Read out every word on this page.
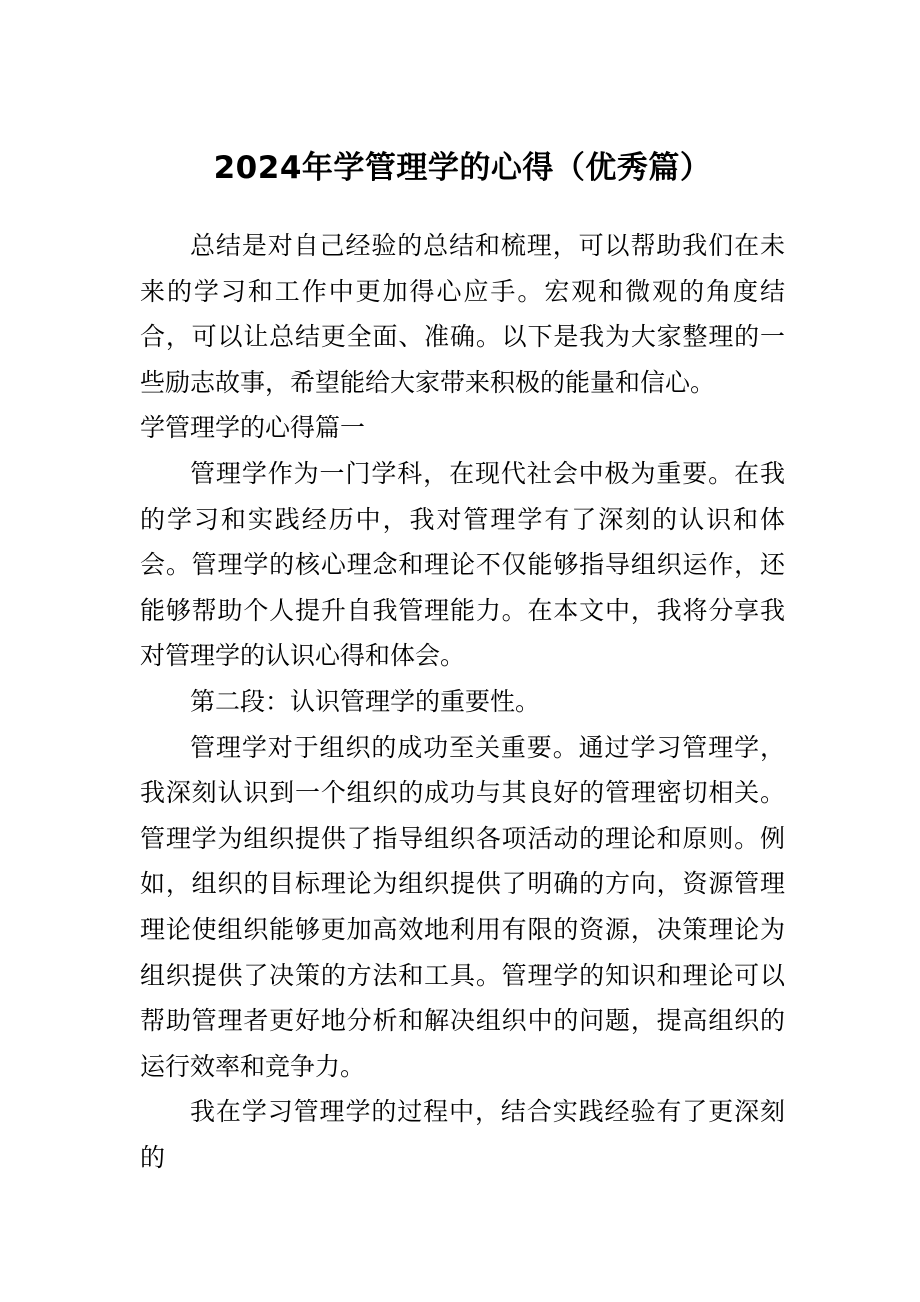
2024年学管理学的心得（优秀篇）

总结是对自己经验的总结和梳理，可以帮助我们在未来的学习和工作中更加得心应手。宏观和微观的角度结合，可以让总结更全面、准确。以下是我为大家整理的一些励志故事，希望能给大家带来积极的能量和信心。

学管理学的心得篇一

管理学作为一门学科，在现代社会中极为重要。在我的学习和实践经历中，我对管理学有了深刻的认识和体会。管理学的核心理念和理论不仅能够指导组织运作，还能够帮助个人提升自我管理能力。在本文中，我将分享我对管理学的认识心得和体会。

第二段：认识管理学的重要性。

管理学对于组织的成功至关重要。通过学习管理学，我深刻认识到一个组织的成功与其良好的管理密切相关。管理学为组织提供了指导组织各项活动的理论和原则。例如，组织的目标理论为组织提供了明确的方向，资源管理理论使组织能够更加高效地利用有限的资源，决策理论为组织提供了决策的方法和工具。管理学的知识和理论可以帮助管理者更好地分析和解决组织中的问题，提高组织的运行效率和竞争力。

我在学习管理学的过程中，结合实践经验有了更深刻的
